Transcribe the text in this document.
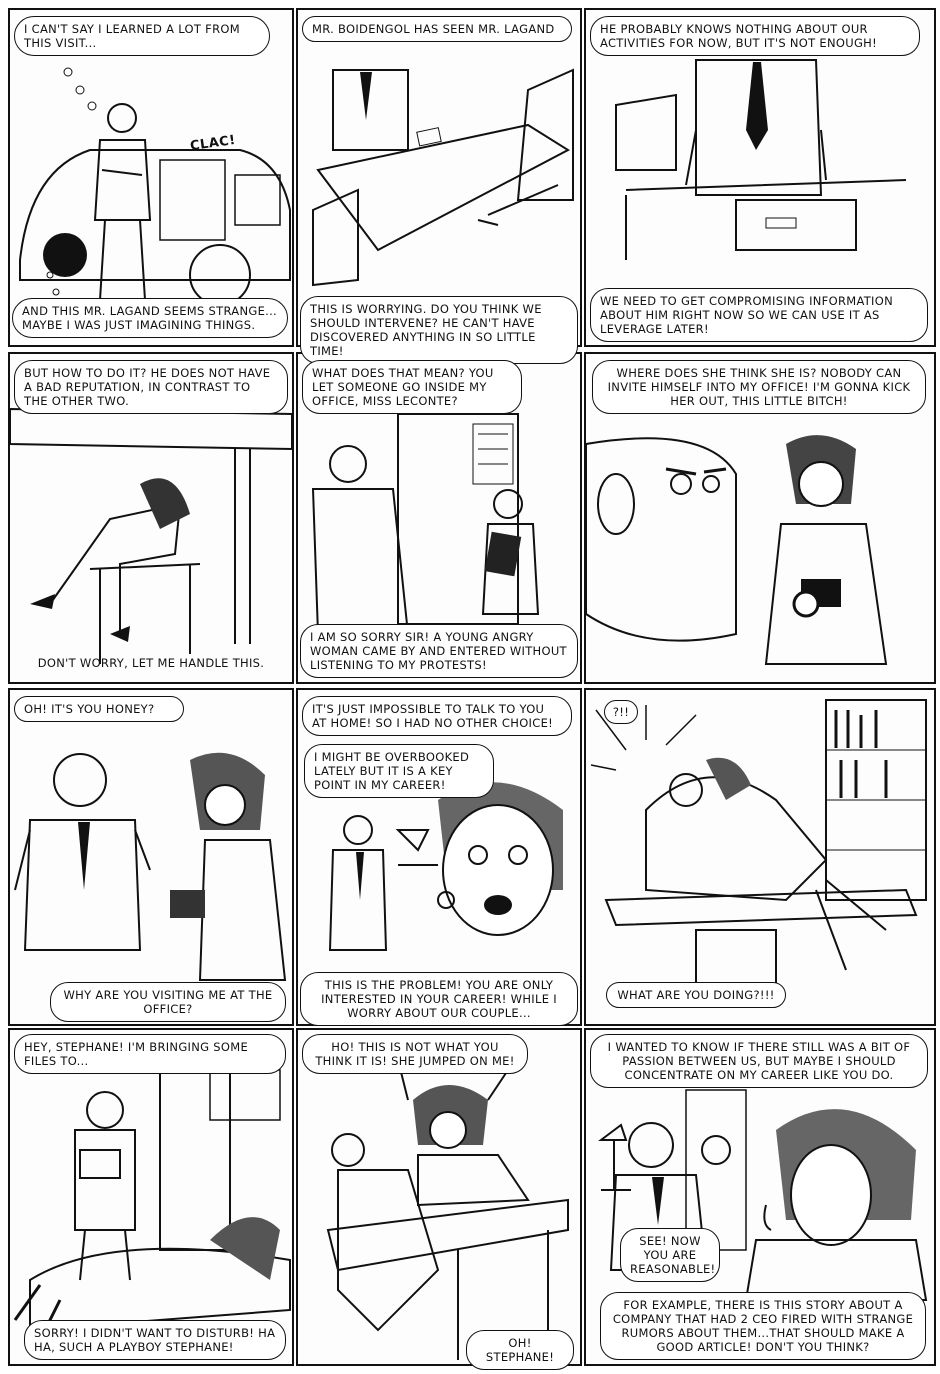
I CAN'T SAY I LEARNED A LOT FROM THIS VISIT...
CLAC!
AND THIS MR. LAGAND SEEMS STRANGE... MAYBE I WAS JUST IMAGINING THINGS.
MR. BOIDENGOL HAS SEEN MR. LAGAND
THIS IS WORRYING. DO YOU THINK WE SHOULD INTERVENE? HE CAN'T HAVE DISCOVERED ANYTHING IN SO LITTLE TIME!
HE PROBABLY KNOWS NOTHING ABOUT OUR ACTIVITIES FOR NOW, BUT IT'S NOT ENOUGH!
WE NEED TO GET COMPROMISING INFORMATION ABOUT HIM RIGHT NOW SO WE CAN USE IT AS LEVERAGE LATER!
BUT HOW TO DO IT? HE DOES NOT HAVE A BAD REPUTATION, IN CONTRAST TO THE OTHER TWO.
DON'T WORRY, LET ME HANDLE THIS.
WHAT DOES THAT MEAN? YOU LET SOMEONE GO INSIDE MY OFFICE, MISS LECONTE?
I AM SO SORRY SIR! A YOUNG ANGRY WOMAN CAME BY AND ENTERED WITHOUT LISTENING TO MY PROTESTS!
WHERE DOES SHE THINK SHE IS? NOBODY CAN INVITE HIMSELF INTO MY OFFICE! I'M GONNA KICK HER OUT, THIS LITTLE BITCH!
OH! IT'S YOU HONEY?
WHY ARE YOU VISITING ME AT THE OFFICE?
IT'S JUST IMPOSSIBLE TO TALK TO YOU AT HOME! SO I HAD NO OTHER CHOICE!
I MIGHT BE OVERBOOKED LATELY BUT IT IS A KEY POINT IN MY CAREER!
THIS IS THE PROBLEM! YOU ARE ONLY INTERESTED IN YOUR CAREER! WHILE I WORRY ABOUT OUR COUPLE...
?!!
WHAT ARE YOU DOING?!!!
HEY, STEPHANE! I'M BRINGING SOME FILES TO...
SORRY! I DIDN'T WANT TO DISTURB! HA HA, SUCH A PLAYBOY STEPHANE!
HO! THIS IS NOT WHAT YOU THINK IT IS! SHE JUMPED ON ME!
OH! STEPHANE!
I WANTED TO KNOW IF THERE STILL WAS A BIT OF PASSION BETWEEN US, BUT MAYBE I SHOULD CONCENTRATE ON MY CAREER LIKE YOU DO.
SEE! NOW YOU ARE REASONABLE!
FOR EXAMPLE, THERE IS THIS STORY ABOUT A COMPANY THAT HAD 2 CEO FIRED WITH STRANGE RUMORS ABOUT THEM...THAT SHOULD MAKE A GOOD ARTICLE! DON'T YOU THINK?
